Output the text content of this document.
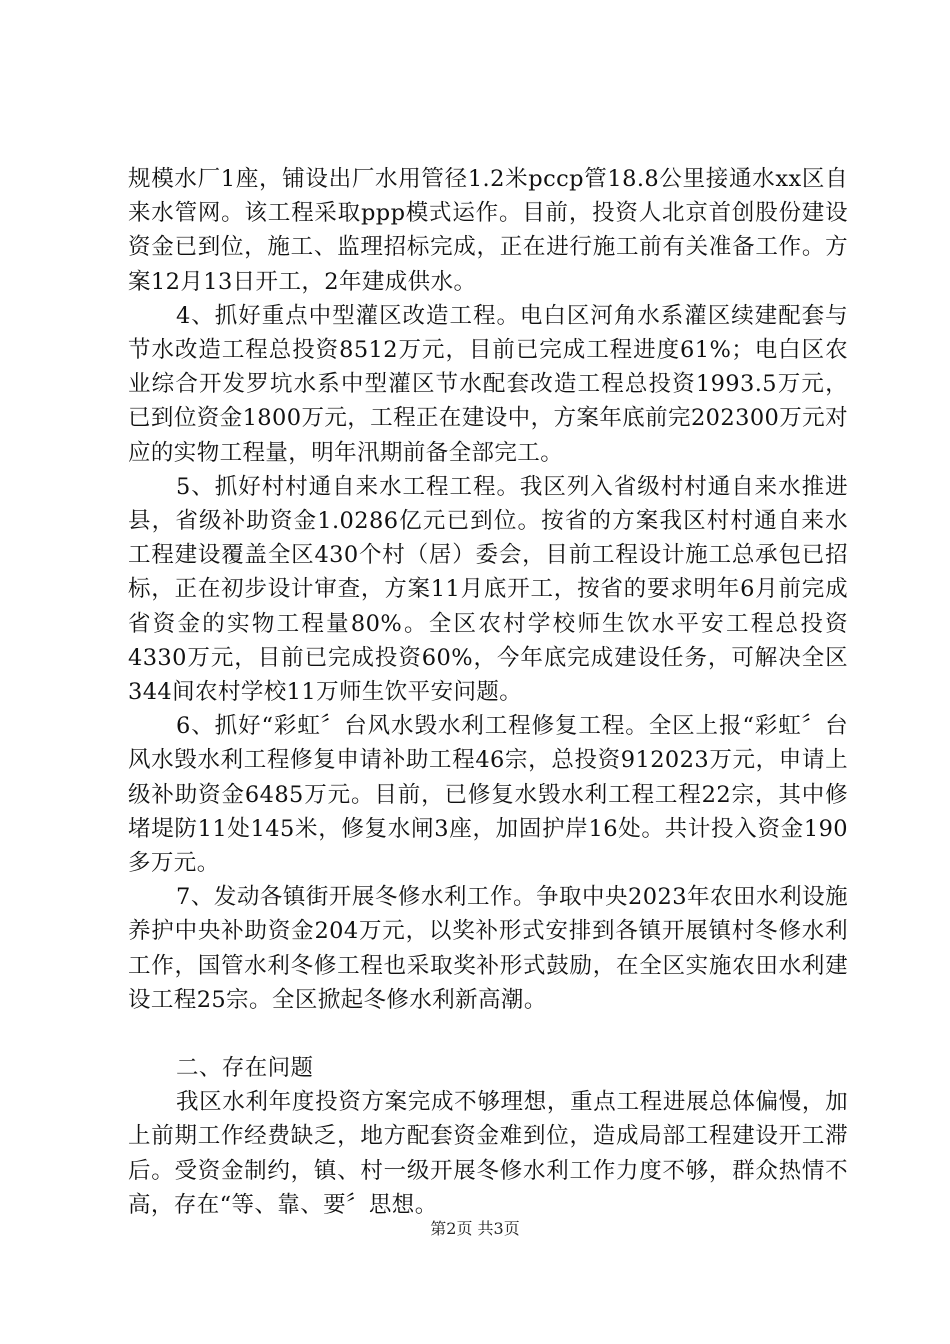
规模水厂1座，铺设出厂水用管径1.2米pccp管18.8公里接通水xx区自来水管网。该工程采取ppp模式运作。目前，投资人北京首创股份建设资金已到位，施工、监理招标完成，正在进行施工前有关准备工作。方案12月13日开工，2年建成供水。

4、抓好重点中型灌区改造工程。电白区河角水系灌区续建配套与节水改造工程总投资8512万元，目前已完成工程进度61%；电白区农业综合开发罗坑水系中型灌区节水配套改造工程总投资1993.5万元，已到位资金1800万元，工程正在建设中，方案年底前完202300万元对应的实物工程量，明年汛期前备全部完工。

5、抓好村村通自来水工程工程。我区列入省级村村通自来水推进县，省级补助资金1.0286亿元已到位。按省的方案我区村村通自来水工程建设覆盖全区430个村（居）委会，目前工程设计施工总承包已招标，正在初步设计审查，方案11月底开工，按省的要求明年6月前完成省资金的实物工程量80%。全区农村学校师生饮水平安工程总投资4330万元，目前已完成投资60%，今年底完成建设任务，可解决全区344间农村学校11万师生饮平安问题。

6、抓好“彩虹〞台风水毁水利工程修复工程。全区上报“彩虹〞台风水毁水利工程修复申请补助工程46宗，总投资912023万元，申请上级补助资金6485万元。目前，已修复水毁水利工程工程22宗，其中修堵堤防11处145米，修复水闸3座，加固护岸16处。共计投入资金190多万元。

7、发动各镇街开展冬修水利工作。争取中央2023年农田水利设施养护中央补助资金204万元，以奖补形式安排到各镇开展镇村冬修水利工作，国管水利冬修工程也采取奖补形式鼓励，在全区实施农田水利建设工程25宗。全区掀起冬修水利新高潮。

二、存在问题

我区水利年度投资方案完成不够理想，重点工程进展总体偏慢，加上前期工作经费缺乏，地方配套资金难到位，造成局部工程建设开工滞后。受资金制约，镇、村一级开展冬修水利工作力度不够，群众热情不高，存在“等、靠、要〞思想。

第2页 共3页
